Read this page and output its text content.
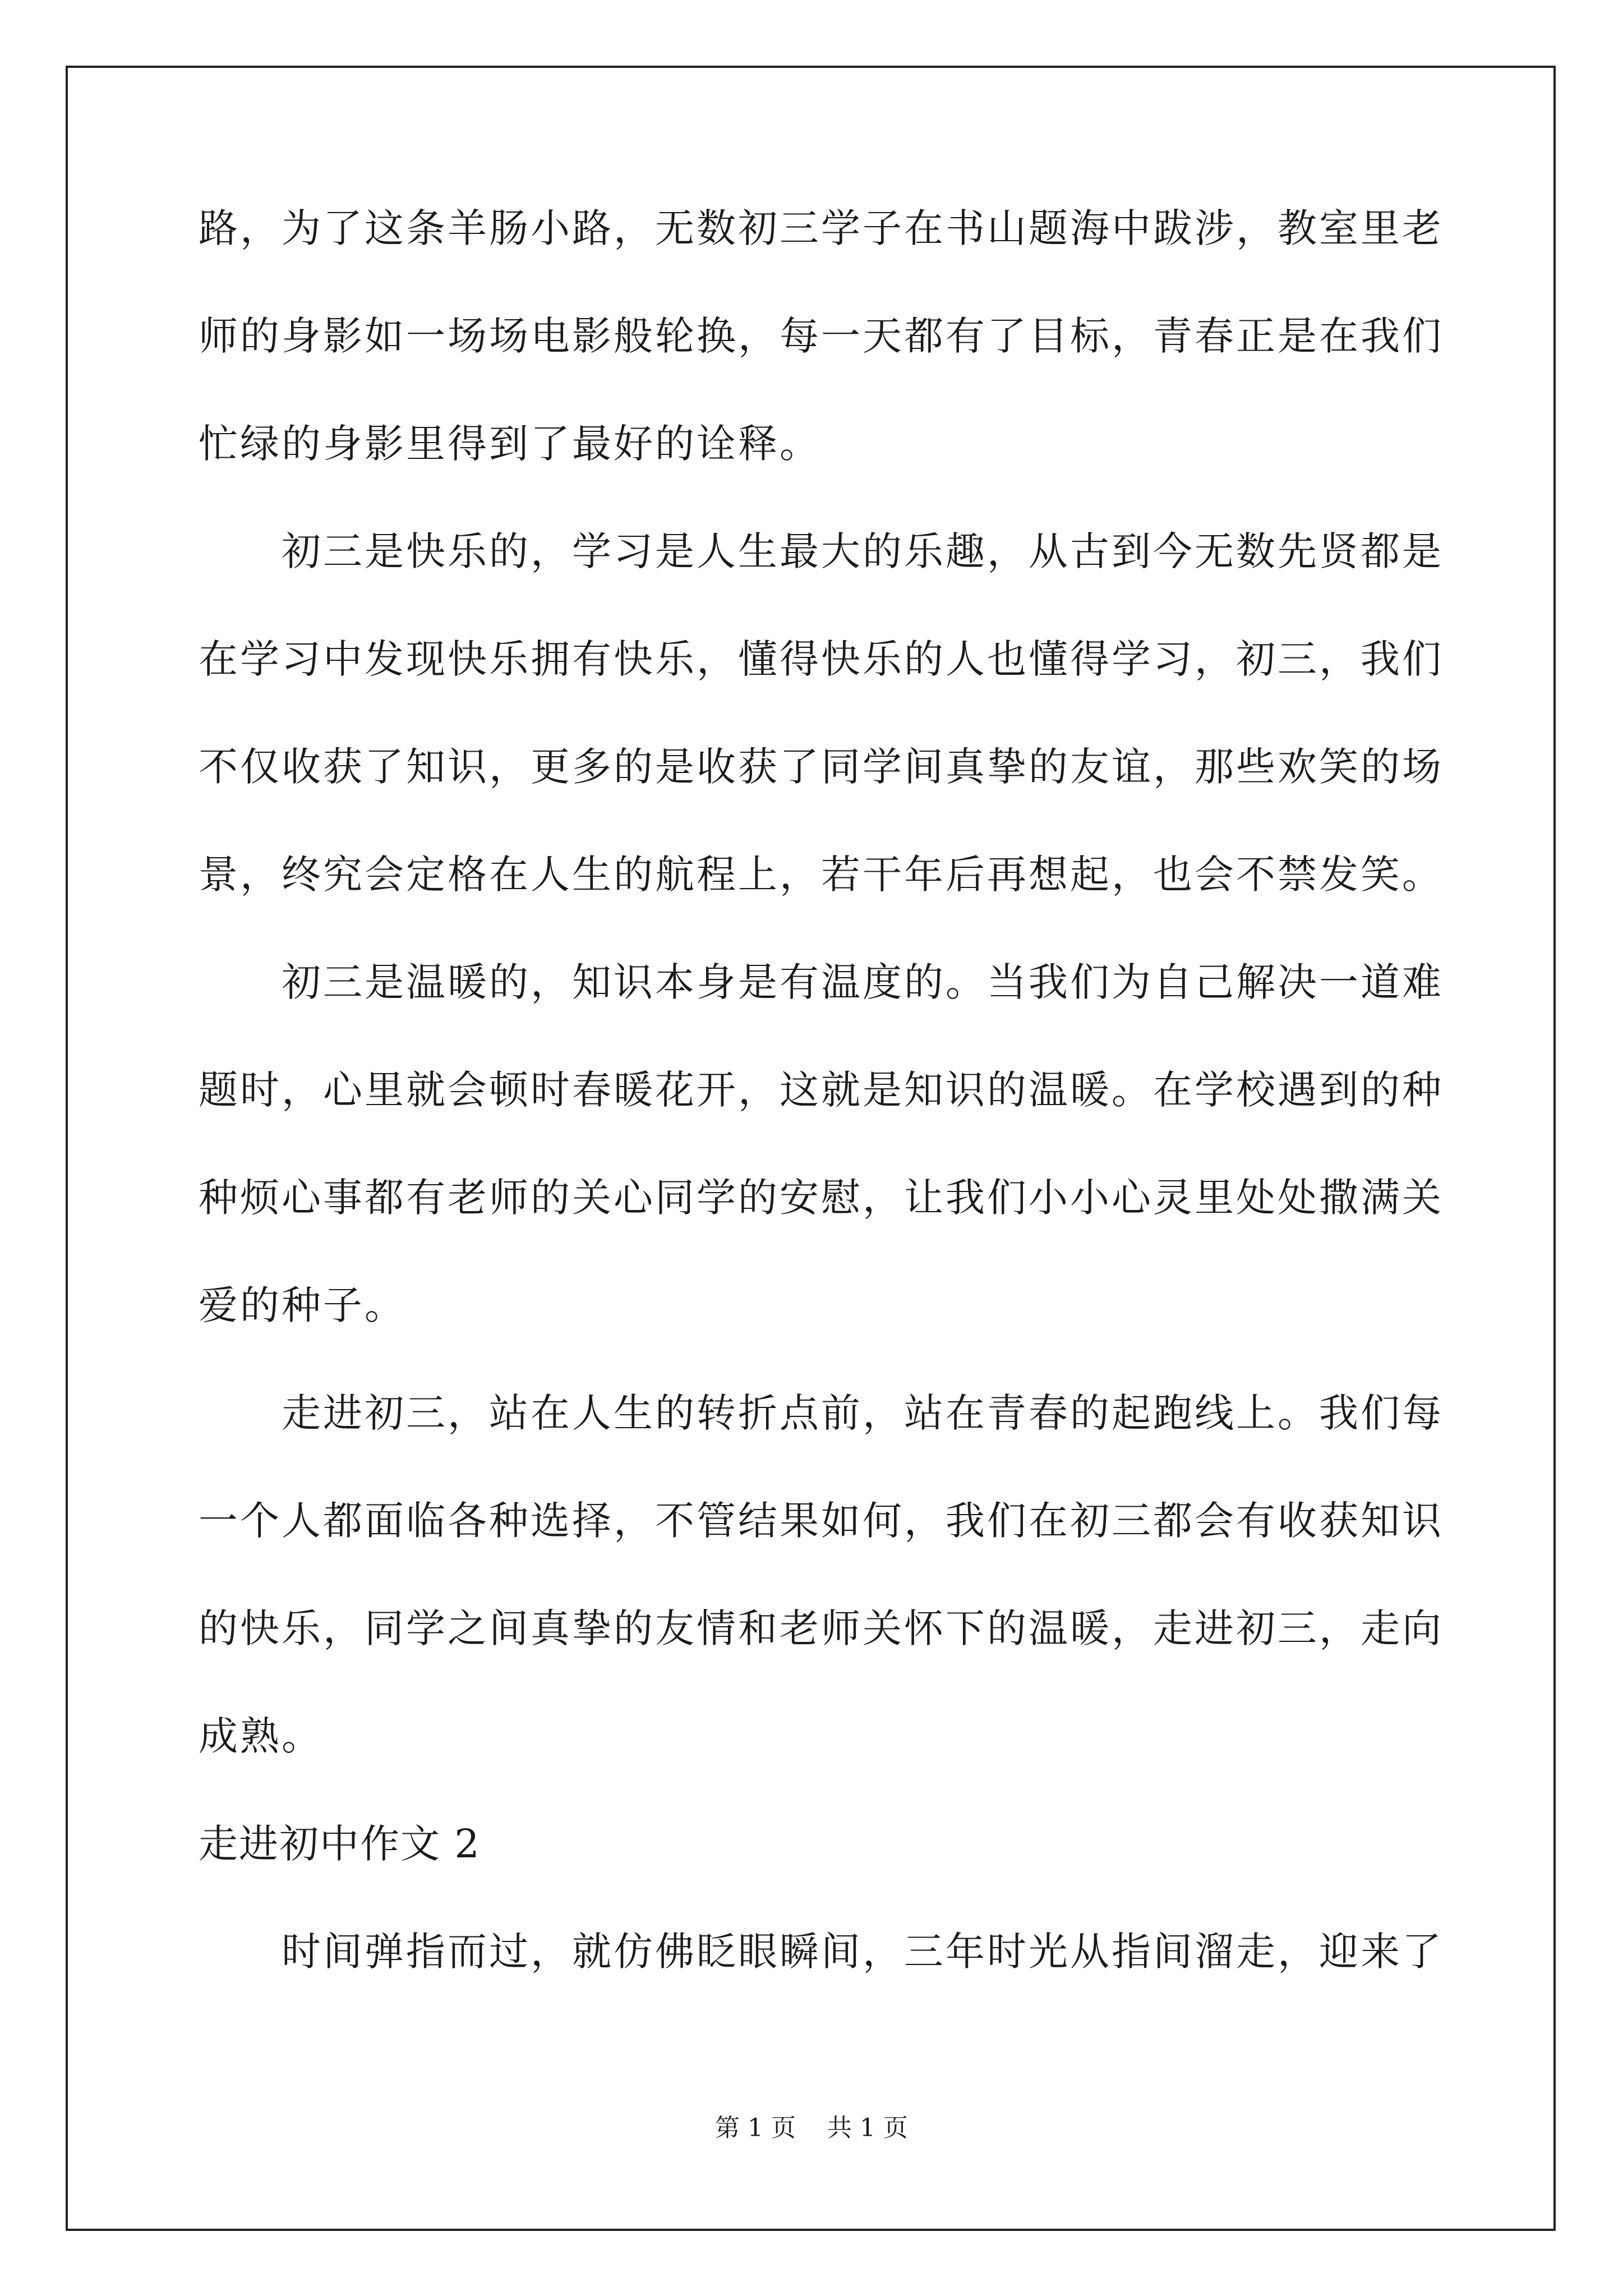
路，为了这条羊肠小路，无数初三学子在书山题海中跋涉，教室里老
师的身影如一场场电影般轮换，每一天都有了目标，青春正是在我们
忙绿的身影里得到了最好的诠释。
初三是快乐的，学习是人生最大的乐趣，从古到今无数先贤都是
在学习中发现快乐拥有快乐，懂得快乐的人也懂得学习，初三，我们
不仅收获了知识，更多的是收获了同学间真挚的友谊，那些欢笑的场
景，终究会定格在人生的航程上，若干年后再想起，也会不禁发笑。
初三是温暖的，知识本身是有温度的。当我们为自己解决一道难
题时，心里就会顿时春暖花开，这就是知识的温暖。在学校遇到的种
种烦心事都有老师的关心同学的安慰，让我们小小心灵里处处撒满关
爱的种子。
走进初三，站在人生的转折点前，站在青春的起跑线上。我们每
一个人都面临各种选择，不管结果如何，我们在初三都会有收获知识
的快乐，同学之间真挚的友情和老师关怀下的温暖，走进初三，走向
成熟。
走进初中作文 2
时间弹指而过，就仿佛眨眼瞬间，三年时光从指间溜走，迎来了
第 1 页    共 1 页
